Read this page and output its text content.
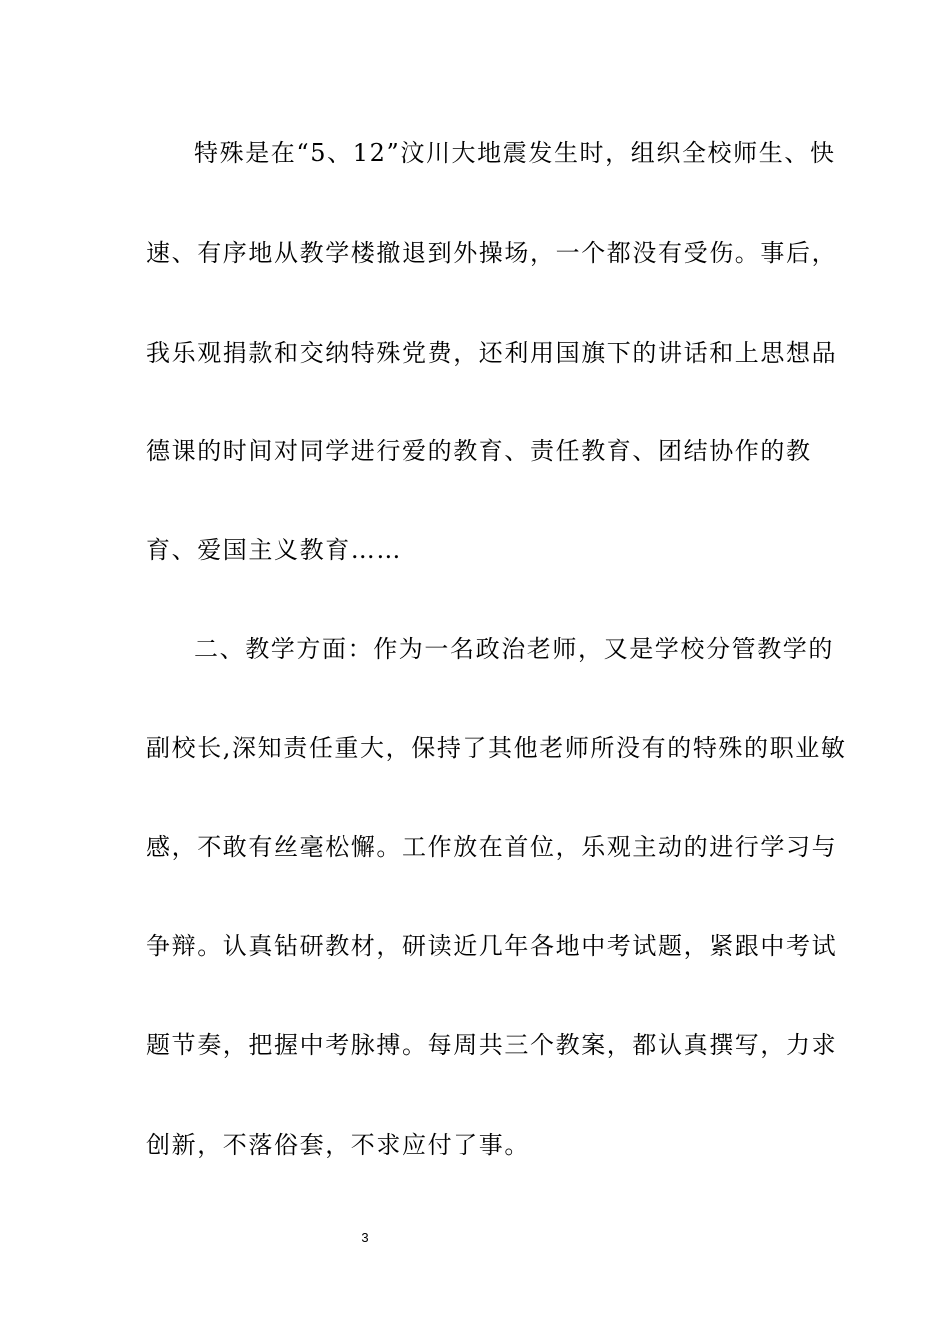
特殊是在“5、12”汶川大地震发生时，组织全校师生、快
速、有序地从教学楼撤退到外操场，一个都没有受伤。事后，
我乐观捐款和交纳特殊党费，还利用国旗下的讲话和上思想品
德课的时间对同学进行爱的教育、责任教育、团结协作的教
育、爱国主义教育……
二、教学方面：作为一名政治老师，又是学校分管教学的
副校长,深知责任重大，保持了其他老师所没有的特殊的职业敏
感，不敢有丝毫松懈。工作放在首位，乐观主动的进行学习与
争辩。认真钻研教材，研读近几年各地中考试题，紧跟中考试
题节奏，把握中考脉搏。每周共三个教案，都认真撰写，力求
创新，不落俗套，不求应付了事。
3
